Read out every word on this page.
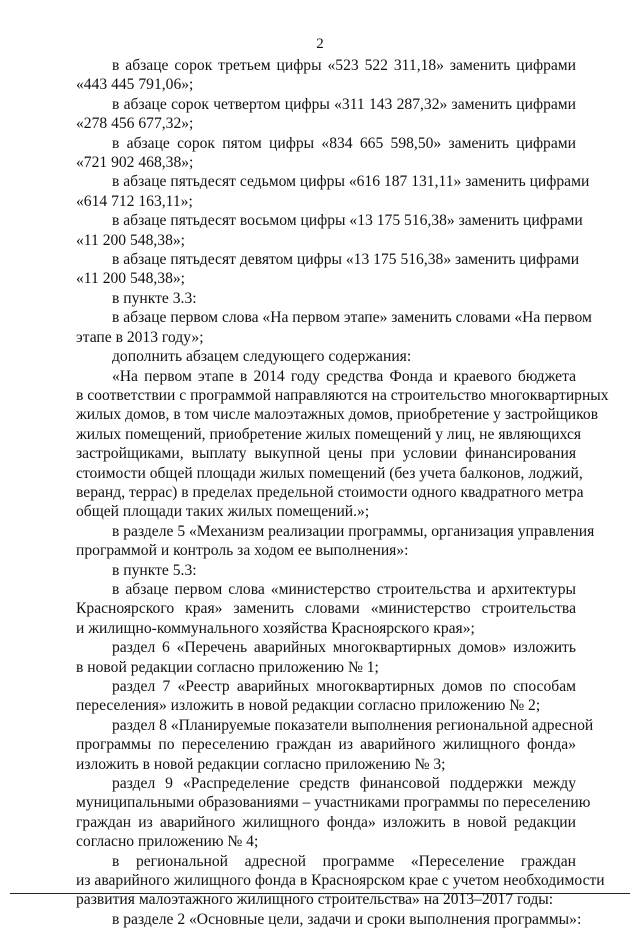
2
в абзаце сорок третьем цифры «523 522 311,18» заменить цифрами
«443 445 791,06»;
в абзаце сорок четвертом цифры «311 143 287,32» заменить цифрами
«278 456 677,32»;
в абзаце сорок пятом цифры «834 665 598,50» заменить цифрами
«721 902 468,38»;
в абзаце пятьдесят седьмом цифры «616 187 131,11» заменить цифрами
«614 712 163,11»;
в абзаце пятьдесят восьмом цифры «13 175 516,38» заменить цифрами
«11 200 548,38»;
в абзаце пятьдесят девятом цифры «13 175 516,38» заменить цифрами
«11 200 548,38»;
в пункте 3.3:
в абзаце первом слова «На первом этапе» заменить словами «На первом
этапе в 2013 году»;
дополнить абзацем следующего содержания:
«На первом этапе в 2014 году средства Фонда и краевого бюджета
в соответствии с программой направляются на строительство многоквартирных
жилых домов, в том числе малоэтажных домов, приобретение у застройщиков
жилых помещений, приобретение жилых помещений у лиц, не являющихся
застройщиками, выплату выкупной цены при условии финансирования
стоимости общей площади жилых помещений (без учета балконов, лоджий,
веранд, террас) в пределах предельной стоимости одного квадратного метра
общей площади таких жилых помещений.»;
в разделе 5 «Механизм реализации программы, организация управления
программой и контроль за ходом ее выполнения»:
в пункте 5.3:
в абзаце первом слова «министерство строительства и архитектуры
Красноярского края» заменить словами «министерство строительства
и жилищно-коммунального хозяйства Красноярского края»;
раздел 6 «Перечень аварийных многоквартирных домов» изложить
в новой редакции согласно приложению № 1;
раздел 7 «Реестр аварийных многоквартирных домов по способам
переселения» изложить в новой редакции согласно приложению № 2;
раздел 8 «Планируемые показатели выполнения региональной адресной
программы по переселению граждан из аварийного жилищного фонда»
изложить в новой редакции согласно приложению № 3;
раздел 9 «Распределение средств финансовой поддержки между
муниципальными образованиями – участниками программы по переселению
граждан из аварийного жилищного фонда» изложить в новой редакции
согласно приложению № 4;
в региональной адресной программе «Переселение граждан
из аварийного жилищного фонда в Красноярском крае с учетом необходимости
развития малоэтажного жилищного строительства» на 2013–2017 годы:
в разделе 2 «Основные цели, задачи и сроки выполнения программы»:
